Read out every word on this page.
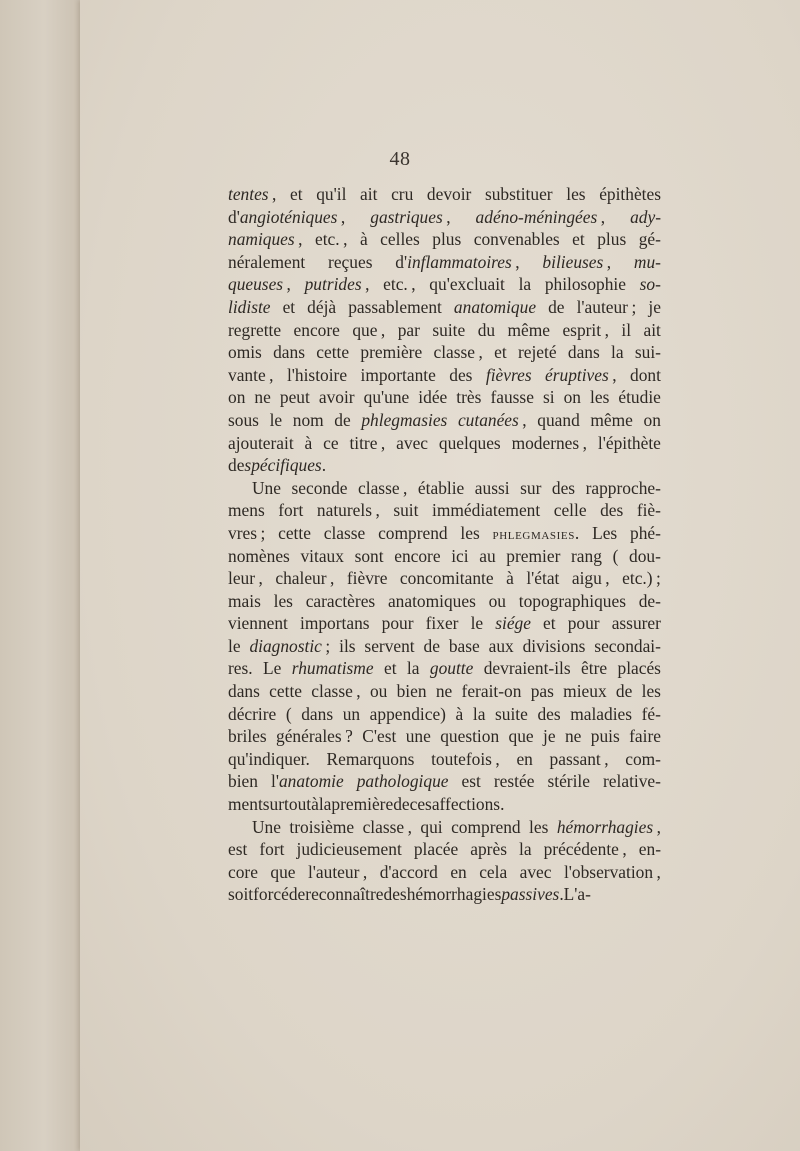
48
tentes , et qu'il ait cru devoir substituer les épithètes
d'angioténiques , gastriques , adéno-méningées , ady-
namiques , etc. , à celles plus convenables et plus gé-
néralement reçues d'inflammatoires , bilieuses , mu-
queuses , putrides , etc. , qu'excluait la philosophie so-
lidiste et déjà passablement anatomique de l'auteur ; je
regrette encore que , par suite du même esprit , il ait
omis dans cette première classe , et rejeté dans la sui-
vante , l'histoire importante des fièvres éruptives , dont
on ne peut avoir qu'une idée très fausse si on les étudie
sous le nom de phlegmasies cutanées , quand même on
ajouterait à ce titre , avec quelques modernes , l'épithète
de spécifiques.
Une seconde classe , établie aussi sur des rapproche-
mens fort naturels , suit immédiatement celle des fiè-
vres ; cette classe comprend les phlegmasies. Les phé-
nomènes vitaux sont encore ici au premier rang ( dou-
leur , chaleur , fièvre concomitante à l'état aigu , etc.) ;
mais les caractères anatomiques ou topographiques de-
viennent importans pour fixer le siége et pour assurer
le diagnostic ; ils servent de base aux divisions secondai-
res. Le rhumatisme et la goutte devraient-ils être placés
dans cette classe , ou bien ne ferait-on pas mieux de les
décrire ( dans un appendice) à la suite des maladies fé-
briles générales ? C'est une question que je ne puis faire
qu'indiquer. Remarquons toutefois , en passant , com-
bien l'anatomie pathologique est restée stérile relative-
ment surtout à la première de ces affections.
Une troisième classe , qui comprend les hémorrhagies ,
est fort judicieusement placée après la précédente , en-
core que l'auteur , d'accord en cela avec l'observation ,
soit forcé de reconnaître des hémorrhagies passives. L'a-
